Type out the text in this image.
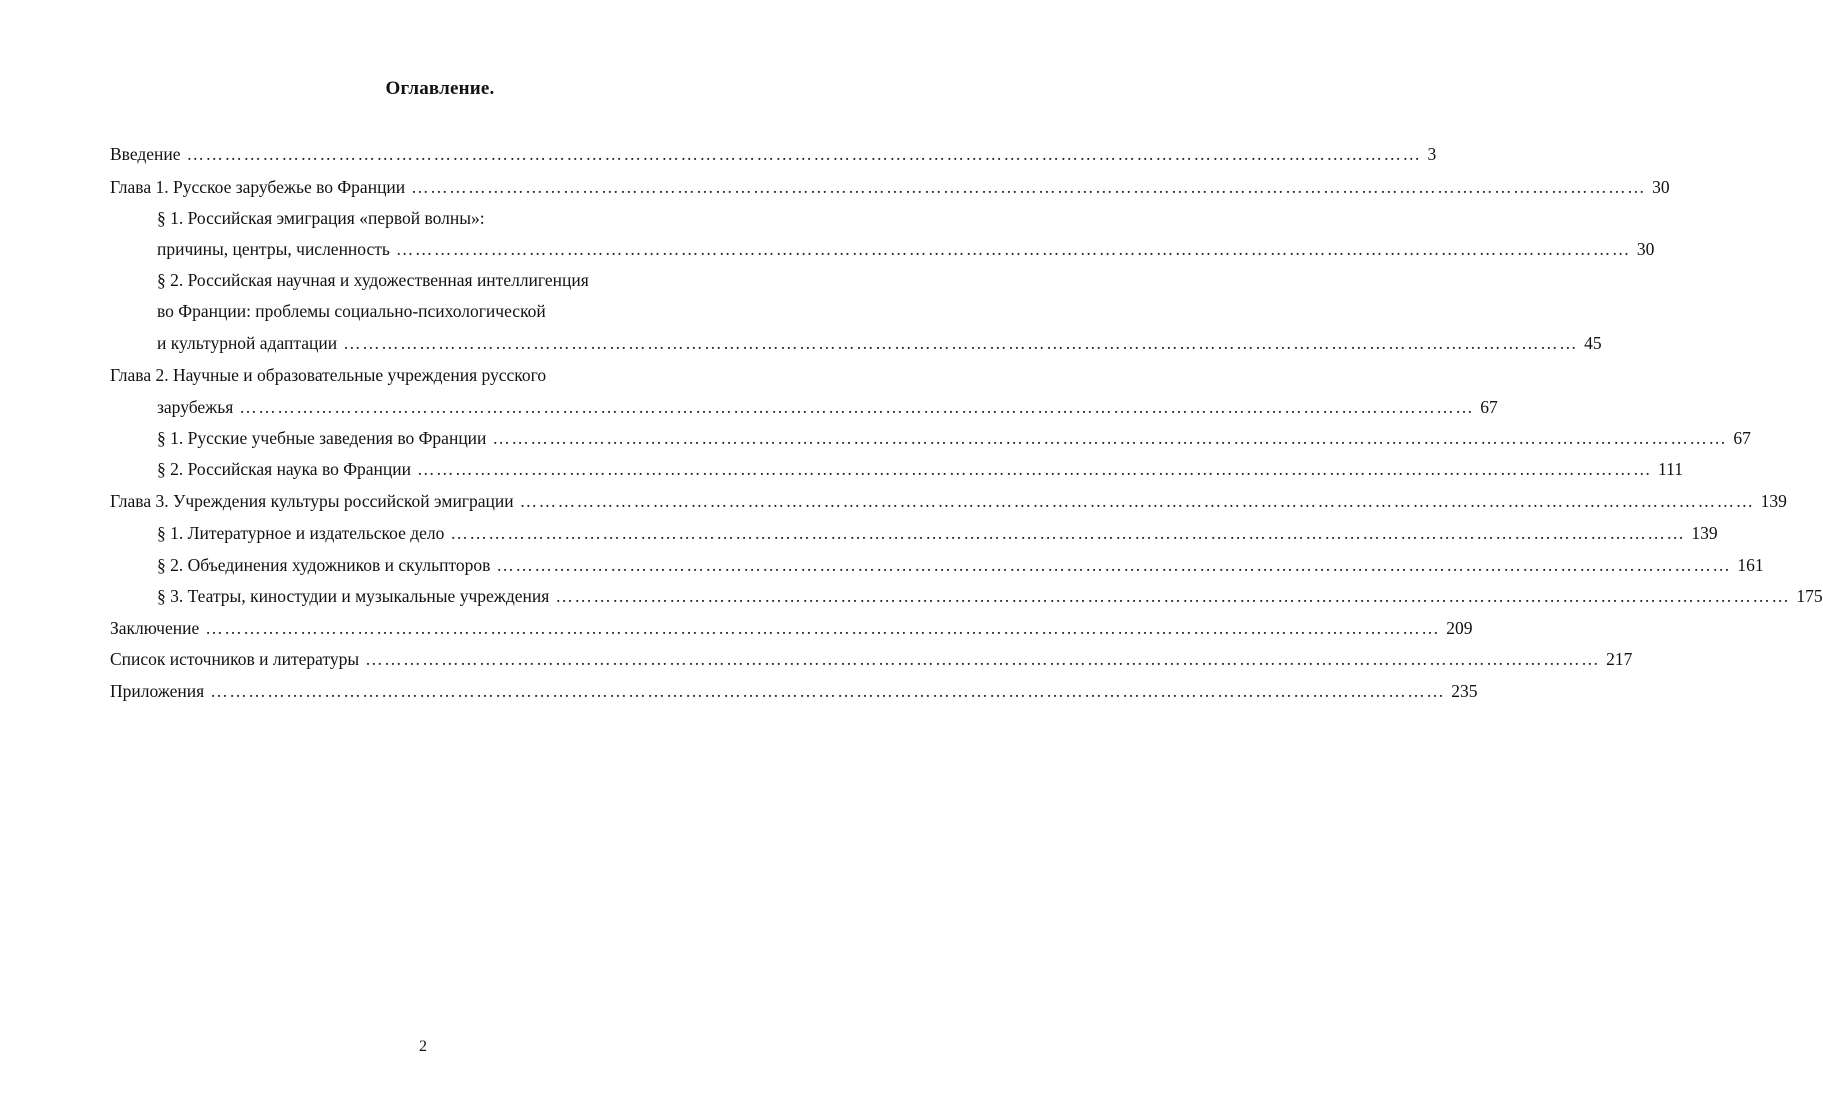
Оглавление.
Введение …………………………………………………………………………………………………………………………………………………………………………… 3
Глава 1. Русское зарубежье во Франции …………………………………………………………………………………………………………………………………………………………………………… 30
§ 1. Российская эмиграция «первой волны»:
причины, центры, численность …………………………………………………………………………………………………………………………………………………………………………… 30
§ 2. Российская научная и художественная интеллигенция
во Франции: проблемы социально-психологической
и культурной адаптации …………………………………………………………………………………………………………………………………………………………………………… 45
Глава 2. Научные и образовательные учреждения русского
зарубежья …………………………………………………………………………………………………………………………………………………………………………… 67
§ 1. Русские учебные заведения во Франции …………………………………………………………………………………………………………………………………………………………………………… 67
§ 2. Российская наука во Франции …………………………………………………………………………………………………………………………………………………………………………… 111
Глава 3. Учреждения культуры российской эмиграции …………………………………………………………………………………………………………………………………………………………………………… 139
§ 1. Литературное и издательское дело …………………………………………………………………………………………………………………………………………………………………………… 139
§ 2. Объединения художников и скульпторов …………………………………………………………………………………………………………………………………………………………………………… 161
§ 3. Театры, киностудии и музыкальные учреждения …………………………………………………………………………………………………………………………………………………………………………… 175
Заключение …………………………………………………………………………………………………………………………………………………………………………… 209
Список источников и литературы …………………………………………………………………………………………………………………………………………………………………………… 217
Приложения …………………………………………………………………………………………………………………………………………………………………………… 235
2
